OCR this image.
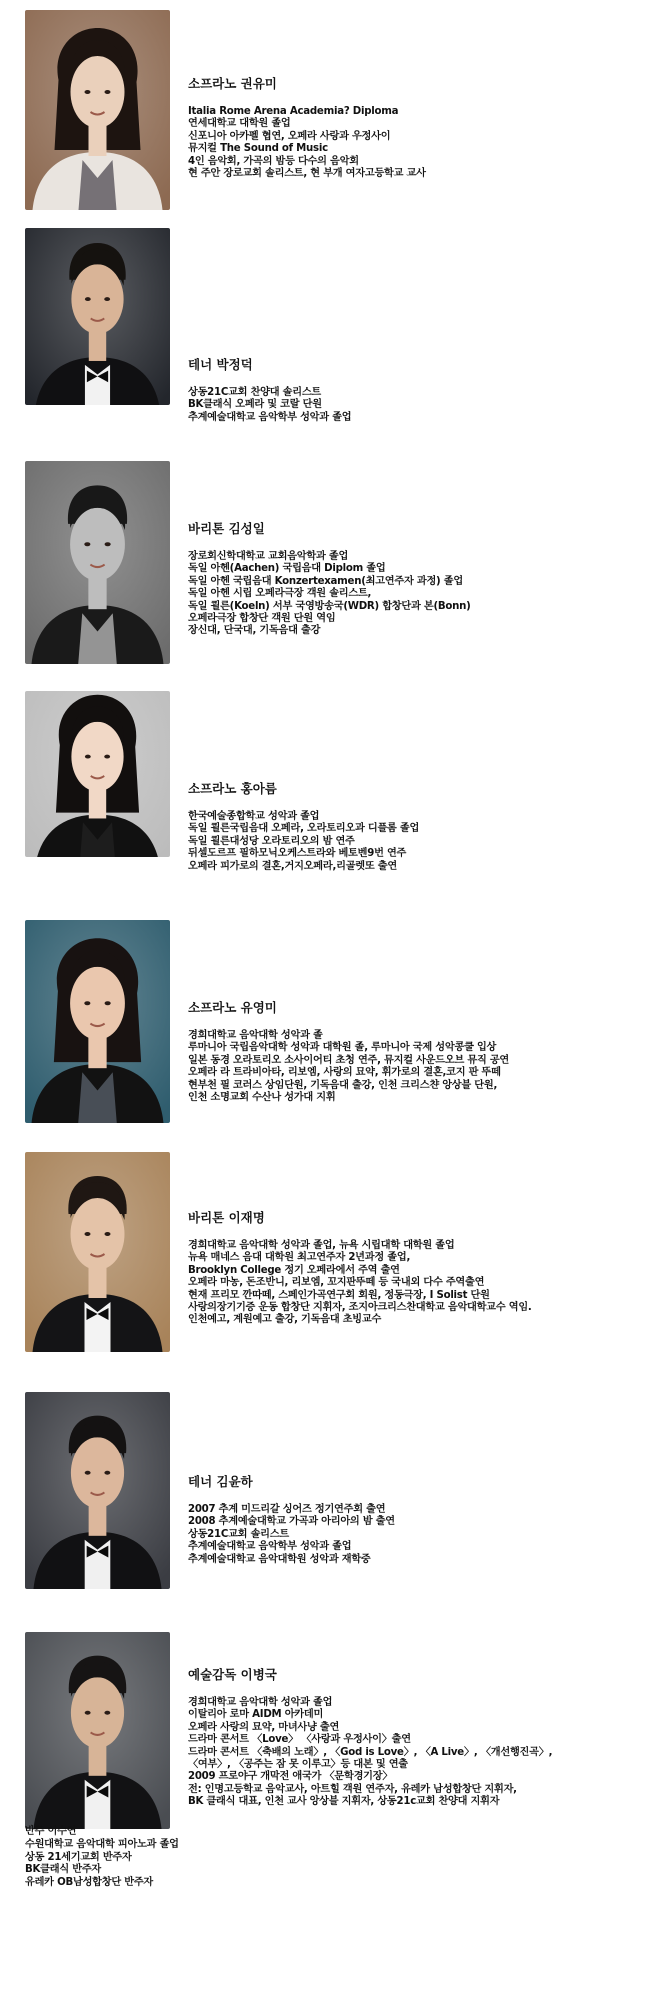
소프라노 권유미
Italia Rome Arena Academia? Diploma
연세대학교 대학원 졸업
신포니아 아카펠 협연, 오페라 사랑과 우정사이
뮤지컬 The Sound of Music
4인 음악회, 가곡의 밤등 다수의 음악회
현 주안 장로교회 솔리스트, 현 부개 여자고등학교 교사
테너 박정덕
상동21C교회 찬양대 솔리스트
BK클래식 오페라 및 코랄 단원
추계예술대학교 음악학부 성악과 졸업
바리톤 김성일
장로회신학대학교 교회음악학과 졸업
독일 아헨(Aachen) 국립음대 Diplom 졸업
독일 아헨 국립음대 Konzertexamen(최고연주자 과정) 졸업
독일 아헨 시립 오페라극장 객원 솔리스트,
독일 쾰른(Koeln) 서부 국영방송국(WDR) 합창단과 본(Bonn)
오페라극장 합창단 객원 단원 역임
장신대, 단국대, 기독음대 출강
소프라노 홍아름
한국예술종합학교 성악과 졸업
독일 쾰른국립음대 오페라, 오라토리오과 디플롬 졸업
독일 쾰른대성당 오라토리오의 밤 연주
뒤셀도르프 필하모닉오케스트라와 베토벤9번 연주
오페라 피가로의 결혼,거지오페라,리골렛또 출연
소프라노 유영미
경희대학교 음악대학 성악과 졸
루마니아 국립음악대학 성악과 대학원 졸, 루마니아 국제 성악콩쿨 입상
일본 동경 오라토리오 소사이어티 초청 연주, 뮤지컬 사운드오브 뮤직 공연
오페라 라 트라비아타, 리보엠, 사랑의 묘약, 휘가로의 결혼,코지 판 뚜떼
현부천 필 코러스 상임단원, 기독음대 출강, 인천 크리스챤 앙상블 단원,
인천 소명교회 수산나 성가대 지휘
바리톤 이재명
경희대학교 음악대학 성악과 졸업, 뉴욕 시립대학 대학원 졸업
뉴욕 매네스 음대 대학원 최고연주자 2년과정 졸업,
Brooklyn College 정기 오페라에서 주역 출연
오페라 마농, 돈조반니, 리보엠, 꼬지판뚜떼 등 국내외 다수 주역출연
현재 프리모 깐따떼, 스페인가곡연구회 회원, 정동극장, I Solist 단원
사랑의장기기증 운동 합창단 지휘자, 조지아크리스찬대학교 음악대학교수 역임.
인천예고, 계원예고 출강, 기독음대 초빙교수
테너 김윤하
2007 추계 미드리갈 싱어즈 정기연주회 출연
2008 추계예술대학교 가곡과 아리아의 밤 출연
상동21C교회 솔리스트
추계예술대학교 음악학부 성악과 졸업
추계예술대학교 음악대학원 성악과 재학중
예술감독 이병국
경희대학교 음악대학 성악과 졸업
이탈리아 로마 AIDM 아카데미
오페라 사랑의 묘약, 마녀사냥 출연
드라마 콘서트 〈Love〉 〈사랑과 우정사이〉출연
드라마 콘서트 〈축배의 노래〉, 〈God is Love〉, 〈A Live〉, 〈개선행진곡〉,
〈여부〉, 〈공주는 잠 못 이루고〉등 대본 및 연출
2009 프로야구 개막전 애국가 〈문학경기장〉
전: 인명고등학교 음악교사, 아트힐 객원 연주자, 유레카 남성합창단 지휘자,
BK 클래식 대표, 인천 교사 앙상블 지휘자, 상동21c교회 찬양대 지휘자
반주 이수연
수원대학교 음악대학 피아노과 졸업
상동 21세기교회 반주자
BK클래식 반주자
유레카 OB남성합창단 반주자
